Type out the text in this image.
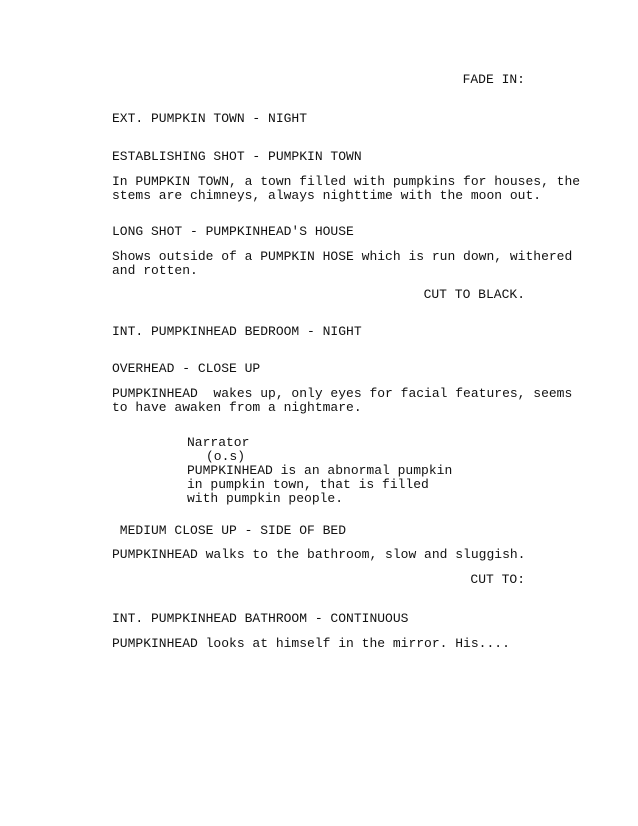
FADE IN:

EXT. PUMPKIN TOWN - NIGHT

ESTABLISHING SHOT - PUMPKIN TOWN

In PUMPKIN TOWN, a town filled with pumpkins for houses, the

stems are chimneys, always nighttime with the moon out.

LONG SHOT - PUMPKINHEAD'S HOUSE

Shows outside of a PUMPKIN HOSE which is run down, withered

and rotten.

CUT TO BLACK.

INT. PUMPKINHEAD BEDROOM - NIGHT

OVERHEAD - CLOSE UP

PUMPKINHEAD  wakes up, only eyes for facial features, seems

to have awaken from a nightmare.

Narrator

(o.s)

PUMPKINHEAD is an abnormal pumpkin

in pumpkin town, that is filled

with pumpkin people.

MEDIUM CLOSE UP - SIDE OF BED

PUMPKINHEAD walks to the bathroom, slow and sluggish.

CUT TO:

INT. PUMPKINHEAD BATHROOM - CONTINUOUS

PUMPKINHEAD looks at himself in the mirror. His....
